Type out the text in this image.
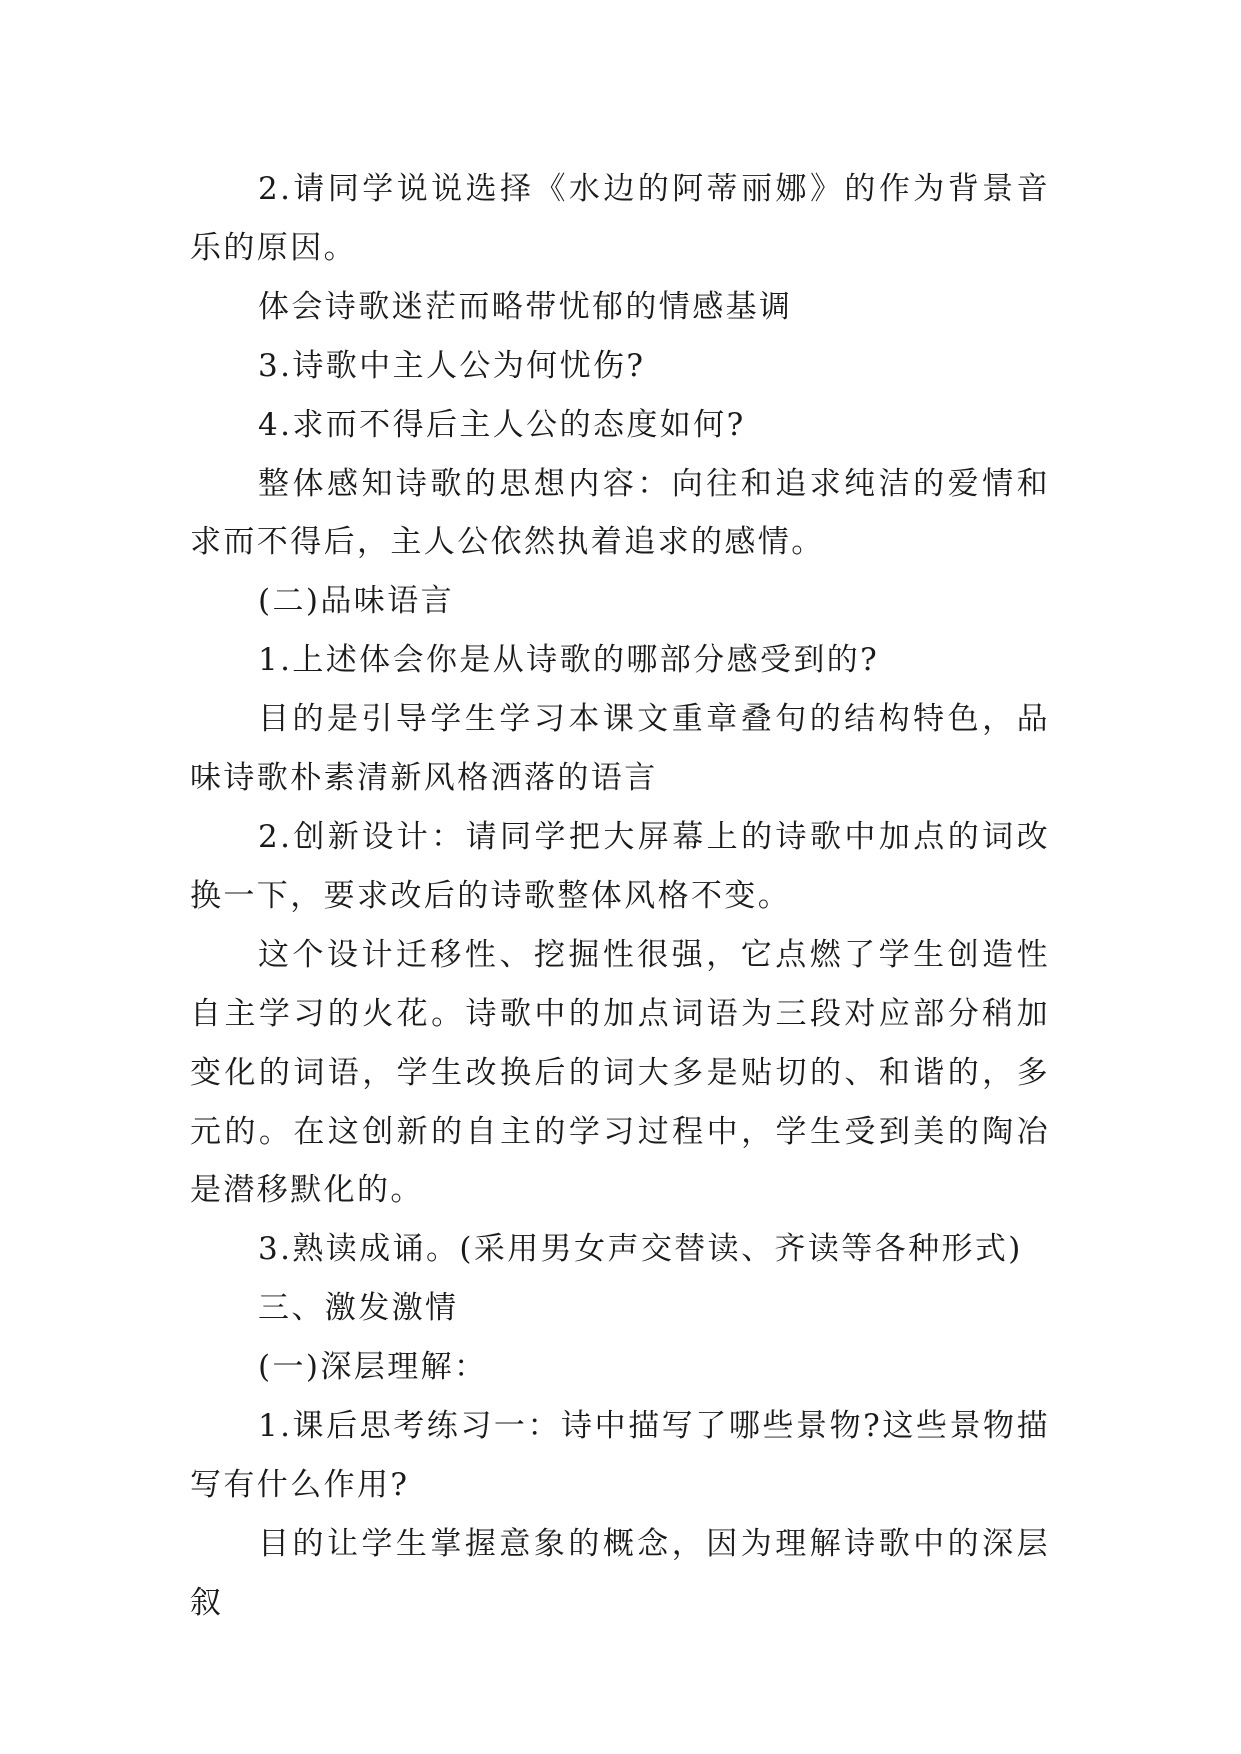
2.请同学说说选择《水边的阿蒂丽娜》的作为背景音乐的原因。

体会诗歌迷茫而略带忧郁的情感基调

3.诗歌中主人公为何忧伤?

4.求而不得后主人公的态度如何?

整体感知诗歌的思想内容：向往和追求纯洁的爱情和求而不得后，主人公依然执着追求的感情。

(二)品味语言

1.上述体会你是从诗歌的哪部分感受到的?

目的是引导学生学习本课文重章叠句的结构特色，品味诗歌朴素清新风格洒落的语言

2.创新设计：请同学把大屏幕上的诗歌中加点的词改换一下，要求改后的诗歌整体风格不变。

这个设计迁移性、挖掘性很强，它点燃了学生创造性自主学习的火花。诗歌中的加点词语为三段对应部分稍加变化的词语，学生改换后的词大多是贴切的、和谐的，多元的。在这创新的自主的学习过程中，学生受到美的陶冶是潜移默化的。

3.熟读成诵。(采用男女声交替读、齐读等各种形式)

三、激发激情

(一)深层理解：

1.课后思考练习一：诗中描写了哪些景物?这些景物描写有什么作用?

目的让学生掌握意象的概念，因为理解诗歌中的深层叙
